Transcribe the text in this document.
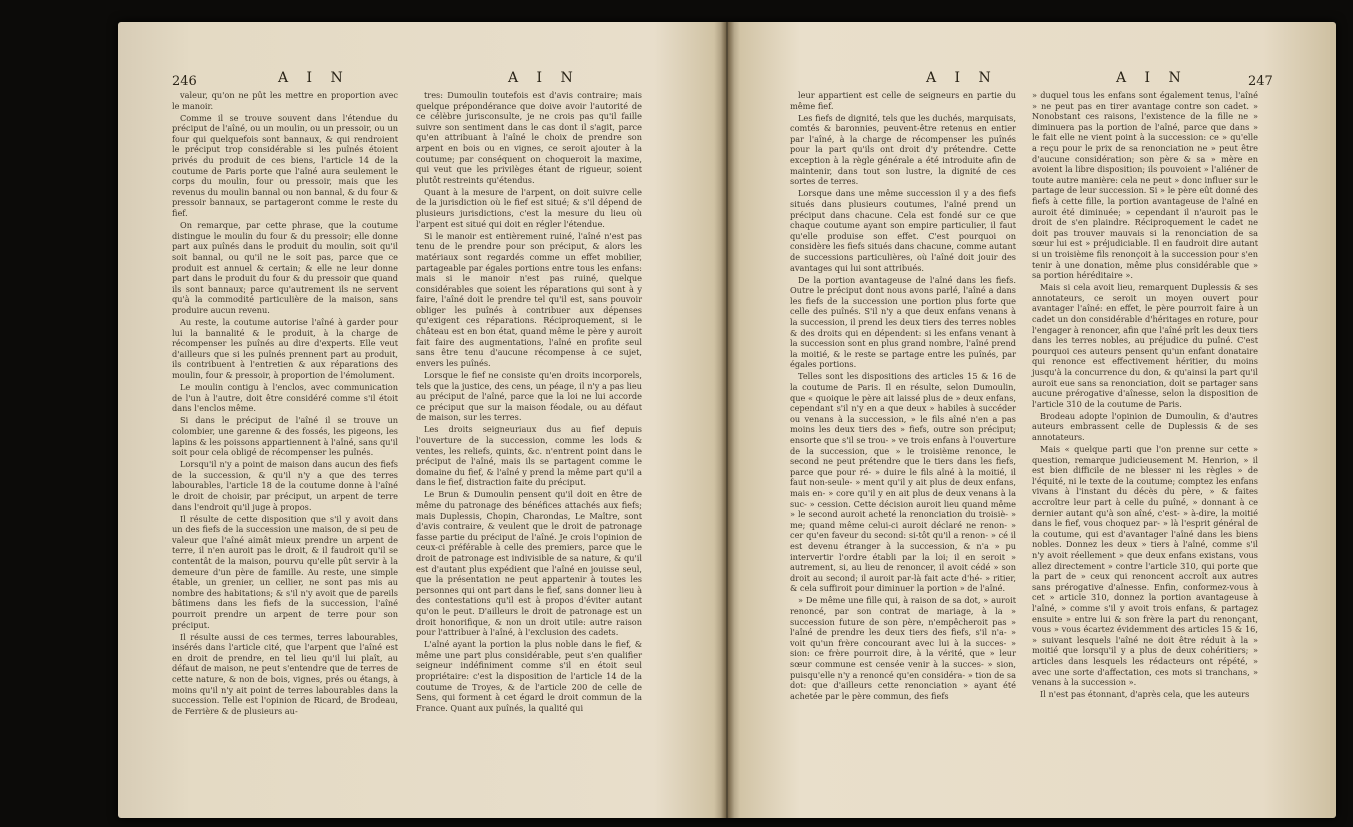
246	A I N	A I N

valeur, qu'on ne pût les mettre en proportion avec le manoir.

Comme il se trouve souvent dans l'étendue du préciput de l'aîné, ou un moulin, ou un pressoir, ou un four qui quelquefois sont bannaux, & qui rendroient le préciput trop considérable si les puînés étoient privés du produit de ces biens, l'article 14 de la coutume de Paris porte que l'aîné aura seulement le corps du moulin, four ou pressoir, mais que les revenus du moulin bannal ou non bannal, & du four & pressoir bannaux, se partageront comme le reste du fief.

On remarque, par cette phrase, que la coutume distingue le moulin du four & du pressoir; elle donne part aux puînés dans le produit du moulin, soit qu'il soit bannal, ou qu'il ne le soit pas, parce que ce produit est annuel & certain; & elle ne leur donne part dans le produit du four & du pressoir que quand ils sont bannaux; parce qu'autrement ils ne servent qu'à la commodité particulière de la maison, sans produire aucun revenu.

Au reste, la coutume autorise l'aîné à garder pour lui la bannalité & le produit, à la charge de récompenser les puînés au dire d'experts. Elle veut d'ailleurs que si les puînés prennent part au produit, ils contribuent à l'entretien & aux réparations des moulin, four & pressoir, à proportion de l'émolument.

Le moulin contigu à l'enclos, avec communication de l'un à l'autre, doit être considéré comme s'il étoit dans l'enclos même.

Si dans le préciput de l'aîné il se trouve un colombier, une garenne & des fossés, les pigeons, les lapins & les poissons appartiennent à l'aîné, sans qu'il soit pour cela obligé de récompenser les puînés.

Lorsqu'il n'y a point de maison dans aucun des fiefs de la succession, & qu'il n'y a que des terres labourables, l'article 18 de la coutume donne à l'aîné le droit de choisir, par préciput, un arpent de terre dans l'endroit qu'il juge à propos.

Il résulte de cette disposition que s'il y avoit dans un des fiefs de la succession une maison, de si peu de valeur que l'aîné aimât mieux prendre un arpent de terre, il n'en auroit pas le droit, & il faudroit qu'il se contentât de la maison, pourvu qu'elle pût servir à la demeure d'un père de famille. Au reste, une simple étable, un grenier, un cellier, ne sont pas mis au nombre des habitations; & s'il n'y avoit que de pareils bâtimens dans les fiefs de la succession, l'aîné pourroit prendre un arpent de terre pour son préciput.

Il résulte aussi de ces termes, terres labourables, insérés dans l'article cité, que l'arpent que l'aîné est en droit de prendre, en tel lieu qu'il lui plaît, au défaut de maison, ne peut s'entendre que de terres de cette nature, & non de bois, vignes, prés ou étangs, à moins qu'il n'y ait point de terres labourables dans la succession. Telle est l'opinion de Ricard, de Brodeau, de Ferrière & de plusieurs au-

tres: Dumoulin toutefois est d'avis contraire; mais quelque prépondérance que doive avoir l'autorité de ce célèbre jurisconsulte, je ne crois pas qu'il faille suivre son sentiment dans le cas dont il s'agit, parce qu'en attribuant à l'aîné le choix de prendre son arpent en bois ou en vignes, ce seroit ajouter à la coutume; par conséquent on choqueroit la maxime, qui veut que les privilèges étant de rigueur, soient plutôt restreints qu'étendus.

Quant à la mesure de l'arpent, on doit suivre celle de la jurisdiction où le fief est situé; & s'il dépend de plusieurs jurisdictions, c'est la mesure du lieu où l'arpent est situé qui doit en régler l'étendue.

Si le manoir est entièrement ruiné, l'aîné n'est pas tenu de le prendre pour son préciput, & alors les matériaux sont regardés comme un effet mobilier, partageable par égales portions entre tous les enfans: mais si le manoir n'est pas ruiné, quelque considérables que soient les réparations qui sont à y faire, l'aîné doit le prendre tel qu'il est, sans pouvoir obliger les puînés à contribuer aux dépenses qu'exigent ces réparations. Réciproquement, si le château est en bon état, quand même le père y auroit fait faire des augmentations, l'aîné en profite seul sans être tenu d'aucune récompense à ce sujet, envers les puînés.

Lorsque le fief ne consiste qu'en droits incorporels, tels que la justice, des cens, un péage, il n'y a pas lieu au préciput de l'aîné, parce que la loi ne lui accorde ce préciput que sur la maison féodale, ou au défaut de maison, sur les terres.

Les droits seigneuriaux dus au fief depuis l'ouverture de la succession, comme les lods & ventes, les reliefs, quints, &c. n'entrent point dans le préciput de l'aîné, mais ils se partagent comme le domaine du fief, & l'aîné y prend la même part qu'il a dans le fief, distraction faite du préciput.

Le Brun & Dumoulin pensent qu'il doit en être de même du patronage des bénéfices attachés aux fiefs; mais Duplessis, Chopin, Charondas, Le Maître, sont d'avis contraire, & veulent que le droit de patronage fasse partie du préciput de l'aîné. Je crois l'opinion de ceux-ci préférable à celle des premiers, parce que le droit de patronage est indivisible de sa nature, & qu'il est d'autant plus expédient que l'aîné en jouisse seul, que la présentation ne peut appartenir à toutes les personnes qui ont part dans le fief, sans donner lieu à des contestations qu'il est à propos d'éviter autant qu'on le peut. D'ailleurs le droit de patronage est un droit honorifique, & non un droit utile: autre raison pour l'attribuer à l'aîné, à l'exclusion des cadets.

L'aîné ayant la portion la plus noble dans le fief, & même une part plus considérable, peut s'en qualifier seigneur indéfiniment comme s'il en étoit seul propriétaire: c'est la disposition de l'article 14 de la coutume de Troyes, & de l'article 200 de celle de Sens, qui forment à cet égard le droit commun de la France. Quant aux puînés, la qualité qui

A I N	A I N	247

leur appartient est celle de seigneurs en partie du même fief.

Les fiefs de dignité, tels que les duchés, marquisats, comtés & baronnies, peuvent-être retenus en entier par l'aîné, à la charge de récompenser les puînés pour la part qu'ils ont droit d'y prétendre. Cette exception à la règle générale a été introduite afin de maintenir, dans tout son lustre, la dignité de ces sortes de terres.

Lorsque dans une même succession il y a des fiefs situés dans plusieurs coutumes, l'aîné prend un préciput dans chacune. Cela est fondé sur ce que chaque coutume ayant son empire particulier, il faut qu'elle produise son effet. C'est pourquoi on considère les fiefs situés dans chacune, comme autant de successions particulières, où l'aîné doit jouir des avantages qui lui sont attribués.

De la portion avantageuse de l'aîné dans les fiefs. Outre le préciput dont nous avons parlé, l'aîné a dans les fiefs de la succession une portion plus forte que celle des puînés. S'il n'y a que deux enfans venans à la succession, il prend les deux tiers des terres nobles & des droits qui en dépendent: si les enfans venant à la succession sont en plus grand nombre, l'aîné prend la moitié, & le reste se partage entre les puînés, par égales portions.

Telles sont les dispositions des articles 15 & 16 de la coutume de Paris. Il en résulte, selon Dumoulin, que « quoique le père ait laissé plus de » deux enfans, cependant s'il n'y en a que deux » habiles à succéder ou venans à la succession, » le fils aîné n'en a pas moins les deux tiers des » fiefs, outre son préciput; ensorte que s'il se trou- » ve trois enfans à l'ouverture de la succession, que » le troisième renonce, le second ne peut prétendre que le tiers dans les fiefs, parce que pour ré- » duire le fils aîné à la moitié, il faut non-seule- » ment qu'il y ait plus de deux enfans, mais en- » core qu'il y en ait plus de deux venans à la suc- » cession. Cette décision auroit lieu quand même » le second auroit acheté la renonciation du troisiè- » me; quand même celui-ci auroit déclaré ne renon- » cer qu'en faveur du second: si-tôt qu'il a renon- » cé il est devenu étranger à la succession, & n'a » pu intervertir l'ordre établi par la loi; il en seroit » autrement, si, au lieu de renoncer, il avoit cédé » son droit au second; il auroit par-là fait acte d'hé- » ritier, & cela suffiroit pour diminuer la portion » de l'aîné.

» De même une fille qui, à raison de sa dot, » auroit renoncé, par son contrat de mariage, à la » succession future de son père, n'empêcheroit pas » l'aîné de prendre les deux tiers des fiefs, s'il n'a- » voit qu'un frère concourant avec lui à la succes- » sion: ce frère pourroit dire, à la vérité, que » leur sœur commune est censée venir à la succes- » sion, puisqu'elle n'y a renoncé qu'en considéra- » tion de sa dot: que d'ailleurs cette renonciation » ayant été achetée par le père commun, des fiefs

» duquel tous les enfans sont également tenus, l'aîné » ne peut pas en tirer avantage contre son cadet. » Nonobstant ces raisons, l'existence de la fille ne » diminuera pas la portion de l'aîné, parce que dans » le fait elle ne vient point à la succession: ce » qu'elle a reçu pour le prix de sa renonciation ne » peut être d'aucune considération; son père & sa » mère en avoient la libre disposition; ils pouvoient » l'aliéner de toute autre manière: cela ne peut » donc influer sur le partage de leur succession. Si » le père eût donné des fiefs à cette fille, la portion avantageuse de l'aîné en auroit été diminuée; » cependant il n'auroit pas le droit de s'en plaindre. Réciproquement le cadet ne doit pas trouver mauvais si la renonciation de sa sœur lui est » préjudiciable. Il en faudroit dire autant si un troisième fils renonçoit à la succession pour s'en tenir à une donation, même plus considérable que » sa portion héréditaire ».

Mais si cela avoit lieu, remarquent Duplessis & ses annotateurs, ce seroit un moyen ouvert pour avantager l'aîné: en effet, le père pourroit faire à un cadet un don considérable d'héritages en roture, pour l'engager à renoncer, afin que l'aîné prît les deux tiers dans les terres nobles, au préjudice du puîné. C'est pourquoi ces auteurs pensent qu'un enfant donataire qui renonce est effectivement héritier, du moins jusqu'à la concurrence du don, & qu'ainsi la part qu'il auroit eue sans sa renonciation, doit se partager sans aucune prérogative d'aînesse, selon la disposition de l'article 310 de la coutume de Paris.

Brodeau adopte l'opinion de Dumoulin, & d'autres auteurs embrassent celle de Duplessis & de ses annotateurs.

Mais « quelque parti que l'on prenne sur cette » question, remarque judicieusement M. Henrion, » il est bien difficile de ne blesser ni les règles » de l'équité, ni le texte de la coutume; comptez les enfans vivans à l'instant du décès du père, » & faites accroître leur part à celle du puîné, » donnant à ce dernier autant qu'à son aîné, c'est- » à-dire, la moitié dans le fief, vous choquez par- » là l'esprit général de la coutume, qui est d'avantager l'aîné dans les biens nobles. Donnez les deux » tiers à l'aîné, comme s'il n'y avoit réellement » que deux enfans existans, vous allez directement » contre l'article 310, qui porte que la part de » ceux qui renoncent accroît aux autres sans prérogative d'aînesse. Enfin, conformez-vous à cet » article 310, donnez la portion avantageuse à l'aîné, » comme s'il y avoit trois enfans, & partagez ensuite » entre lui & son frère la part du renonçant, vous » vous écartez évidemment des articles 15 & 16, » suivant lesquels l'aîné ne doit être réduit à la » moitié que lorsqu'il y a plus de deux cohéritiers; » articles dans lesquels les rédacteurs ont répété, » avec une sorte d'affectation, ces mots si tranchans, » venans à la succession ».

Il n'est pas étonnant, d'après cela, que les auteurs
